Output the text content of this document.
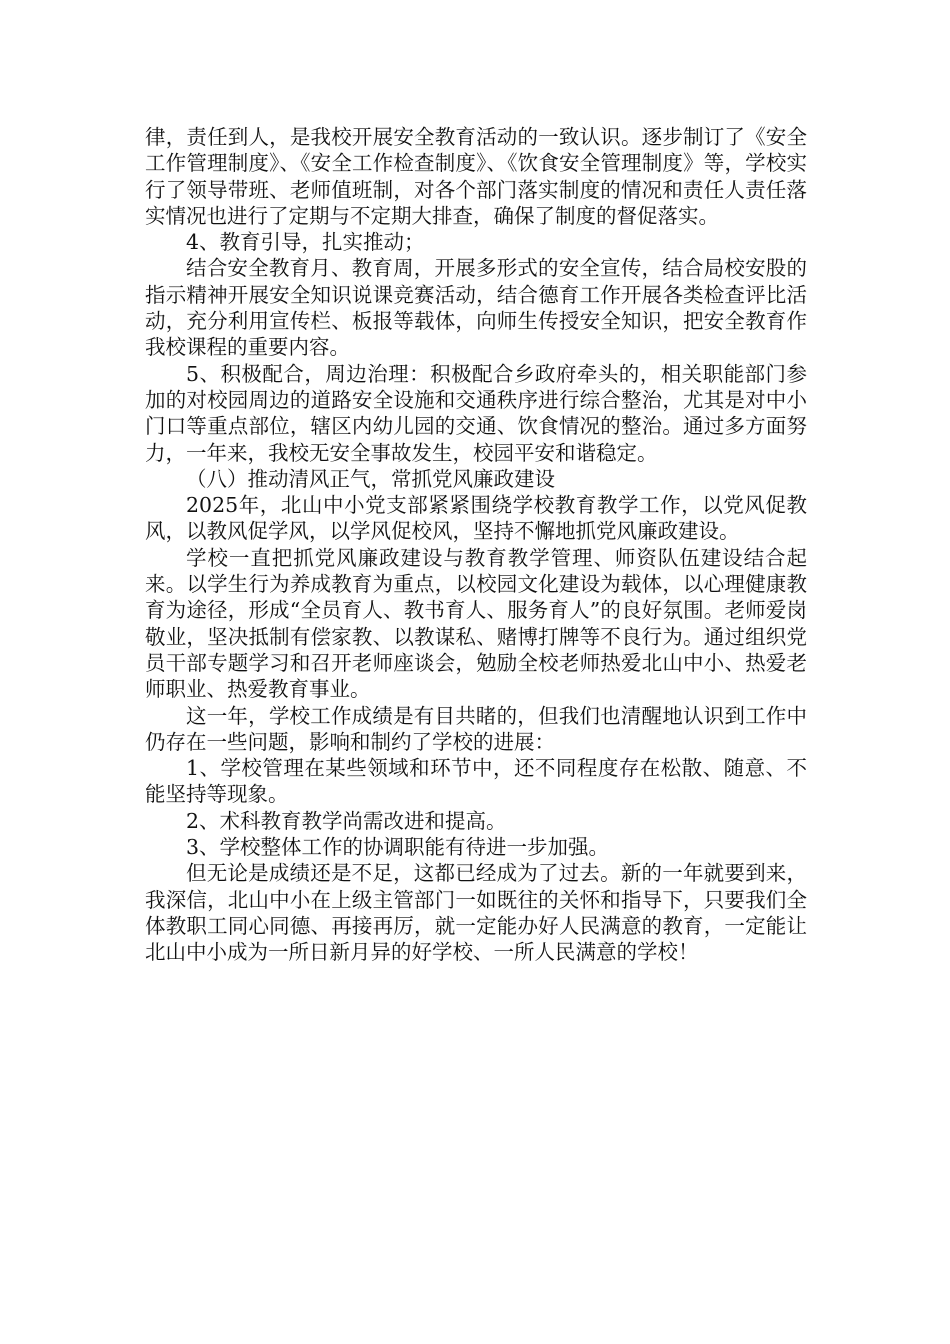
律，责任到人，是我校开展安全教育活动的一致认识。逐步制订了《安全工作管理制度》、《安全工作检查制度》、《饮食安全管理制度》等，学校实行了领导带班、老师值班制，对各个部门落实制度的情况和责任人责任落实情况也进行了定期与不定期大排查，确保了制度的督促落实。

4、教育引导，扎实推动；

结合安全教育月、教育周，开展多形式的安全宣传，结合局校安股的指示精神开展安全知识说课竞赛活动，结合德育工作开展各类检查评比活动，充分利用宣传栏、板报等载体，向师生传授安全知识，把安全教育作我校课程的重要内容。

5、积极配合，周边治理：积极配合乡政府牵头的，相关职能部门参加的对校园周边的道路安全设施和交通秩序进行综合整治，尤其是对中小门口等重点部位，辖区内幼儿园的交通、饮食情况的整治。通过多方面努力，一年来，我校无安全事故发生，校园平安和谐稳定。

（八）推动清风正气，常抓党风廉政建设

2025年，北山中小党支部紧紧围绕学校教育教学工作，以党风促教风，以教风促学风，以学风促校风，坚持不懈地抓党风廉政建设。

学校一直把抓党风廉政建设与教育教学管理、师资队伍建设结合起来。以学生行为养成教育为重点，以校园文化建设为载体，以心理健康教育为途径，形成“全员育人、教书育人、服务育人”的良好氛围。老师爱岗敬业，坚决抵制有偿家教、以教谋私、赌博打牌等不良行为。通过组织党员干部专题学习和召开老师座谈会，勉励全校老师热爱北山中小、热爱老师职业、热爱教育事业。

这一年，学校工作成绩是有目共睹的，但我们也清醒地认识到工作中仍存在一些问题，影响和制约了学校的进展：

1、学校管理在某些领域和环节中，还不同程度存在松散、随意、不能坚持等现象。

2、术科教育教学尚需改进和提高。

3、学校整体工作的协调职能有待进一步加强。

但无论是成绩还是不足，这都已经成为了过去。新的一年就要到来，我深信，北山中小在上级主管部门一如既往的关怀和指导下，只要我们全体教职工同心同德、再接再厉，就一定能办好人民满意的教育，一定能让北山中小成为一所日新月异的好学校、一所人民满意的学校！
